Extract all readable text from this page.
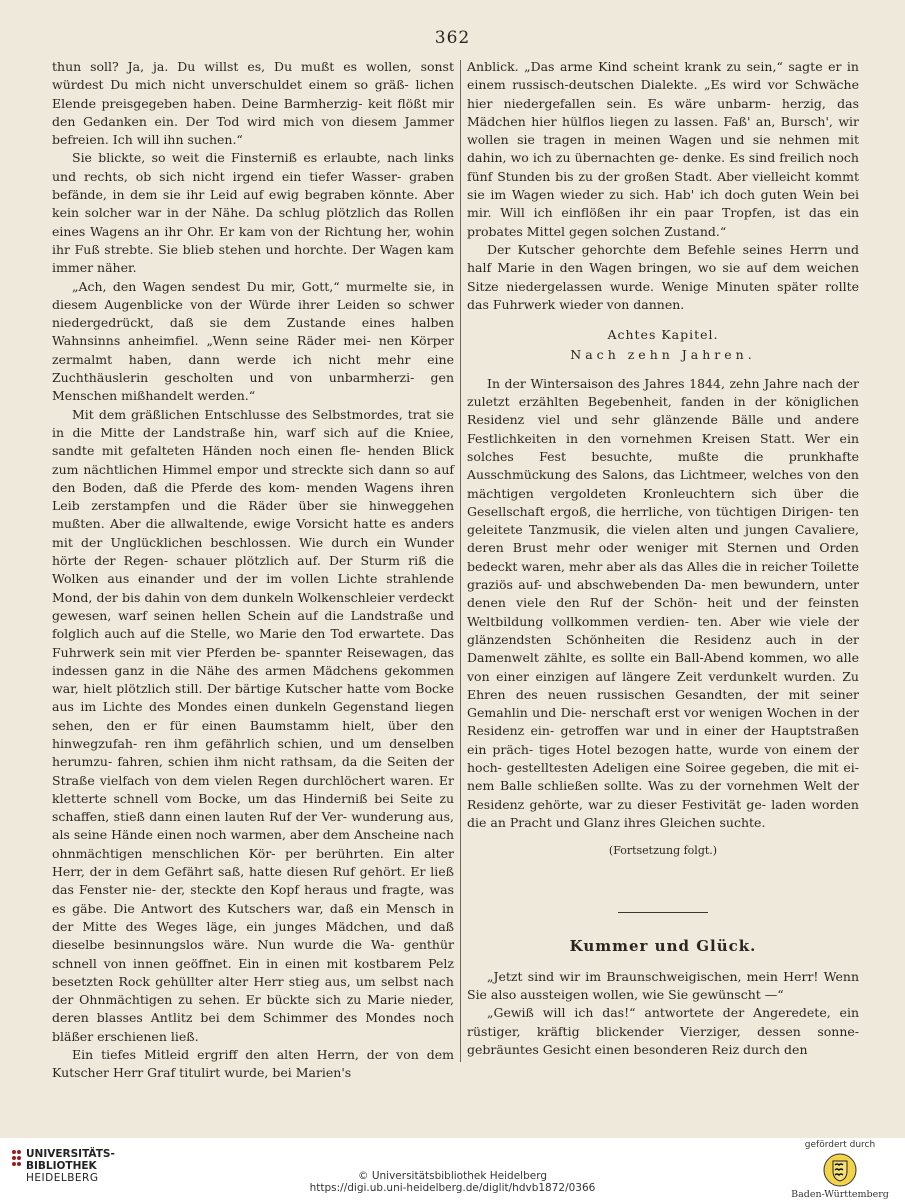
362

thun soll? Ja, ja. Du willst es, Du mußt es wollen, sonst würdest Du mich nicht unverschuldet einem so gräß- lichen Elende preisgegeben haben. Deine Barmherzig- keit flößt mir den Gedanken ein. Der Tod wird mich von diesem Jammer befreien. Ich will ihn suchen.“

Sie blickte, so weit die Finsterniß es erlaubte, nach links und rechts, ob sich nicht irgend ein tiefer Wasser- graben befände, in dem sie ihr Leid auf ewig begraben könnte. Aber kein solcher war in der Nähe. Da schlug plötzlich das Rollen eines Wagens an ihr Ohr. Er kam von der Richtung her, wohin ihr Fuß strebte. Sie blieb stehen und horchte. Der Wagen kam immer näher.

„Ach, den Wagen sendest Du mir, Gott,“ murmelte sie, in diesem Augenblicke von der Würde ihrer Leiden so schwer niedergedrückt, daß sie dem Zustande eines halben Wahnsinns anheimfiel. „Wenn seine Räder mei- nen Körper zermalmt haben, dann werde ich nicht mehr eine Zuchthäuslerin gescholten und von unbarmherzi- gen Menschen mißhandelt werden.“

Mit dem gräßlichen Entschlusse des Selbstmordes, trat sie in die Mitte der Landstraße hin, warf sich auf die Kniee, sandte mit gefalteten Händen noch einen fle- henden Blick zum nächtlichen Himmel empor und streckte sich dann so auf den Boden, daß die Pferde des kom- menden Wagens ihren Leib zerstampfen und die Räder über sie hinweggehen mußten. Aber die allwaltende, ewige Vorsicht hatte es anders mit der Unglücklichen beschlossen. Wie durch ein Wunder hörte der Regen- schauer plötzlich auf. Der Sturm riß die Wolken aus einander und der im vollen Lichte strahlende Mond, der bis dahin von dem dunkeln Wolkenschleier verdeckt gewesen, warf seinen hellen Schein auf die Landstraße und folglich auch auf die Stelle, wo Marie den Tod erwartete. Das Fuhrwerk sein mit vier Pferden be- spannter Reisewagen, das indessen ganz in die Nähe des armen Mädchens gekommen war, hielt plötzlich still. Der bärtige Kutscher hatte vom Bocke aus im Lichte des Mondes einen dunkeln Gegenstand liegen sehen, den er für einen Baumstamm hielt, über den hinwegzufah- ren ihm gefährlich schien, und um denselben herumzu- fahren, schien ihm nicht rathsam, da die Seiten der Straße vielfach von dem vielen Regen durchlöchert waren. Er kletterte schnell vom Bocke, um das Hinderniß bei Seite zu schaffen, stieß dann einen lauten Ruf der Ver- wunderung aus, als seine Hände einen noch warmen, aber dem Anscheine nach ohnmächtigen menschlichen Kör- per berührten. Ein alter Herr, der in dem Gefährt saß, hatte diesen Ruf gehört. Er ließ das Fenster nie- der, steckte den Kopf heraus und fragte, was es gäbe. Die Antwort des Kutschers war, daß ein Mensch in der Mitte des Weges läge, ein junges Mädchen, und daß dieselbe besinnungslos wäre. Nun wurde die Wa- genthür schnell von innen geöffnet. Ein in einen mit kostbarem Pelz besetzten Rock gehüllter alter Herr stieg aus, um selbst nach der Ohnmächtigen zu sehen. Er bückte sich zu Marie nieder, deren blasses Antlitz bei dem Schimmer des Mondes noch bläßer erschienen ließ.

Ein tiefes Mitleid ergriff den alten Herrn, der von dem Kutscher Herr Graf titulirt wurde, bei Marien's

Anblick. „Das arme Kind scheint krank zu sein,“ sagte er in einem russisch-deutschen Dialekte. „Es wird vor Schwäche hier niedergefallen sein. Es wäre unbarm- herzig, das Mädchen hier hülflos liegen zu lassen. Faß' an, Bursch', wir wollen sie tragen in meinen Wagen und sie nehmen mit dahin, wo ich zu übernachten ge- denke. Es sind freilich noch fünf Stunden bis zu der großen Stadt. Aber vielleicht kommt sie im Wagen wieder zu sich. Hab' ich doch guten Wein bei mir. Will ich einflößen ihr ein paar Tropfen, ist das ein probates Mittel gegen solchen Zustand.“

Der Kutscher gehorchte dem Befehle seines Herrn und half Marie in den Wagen bringen, wo sie auf dem weichen Sitze niedergelassen wurde. Wenige Minuten später rollte das Fuhrwerk wieder von dannen.

Achtes Kapitel.
Nach zehn Jahren.

In der Wintersaison des Jahres 1844, zehn Jahre nach der zuletzt erzählten Begebenheit, fanden in der königlichen Residenz viel und sehr glänzende Bälle und andere Festlichkeiten in den vornehmen Kreisen Statt. Wer ein solches Fest besuchte, mußte die prunkhafte Ausschmückung des Salons, das Lichtmeer, welches von den mächtigen vergoldeten Kronleuchtern sich über die Gesellschaft ergoß, die herrliche, von tüchtigen Dirigen- ten geleitete Tanzmusik, die vielen alten und jungen Cavaliere, deren Brust mehr oder weniger mit Sternen und Orden bedeckt waren, mehr aber als das Alles die in reicher Toilette graziös auf- und abschwebenden Da- men bewundern, unter denen viele den Ruf der Schön- heit und der feinsten Weltbildung vollkommen verdien- ten. Aber wie viele der glänzendsten Schönheiten die Residenz auch in der Damenwelt zählte, es sollte ein Ball-Abend kommen, wo alle von einer einzigen auf längere Zeit verdunkelt wurden. Zu Ehren des neuen russischen Gesandten, der mit seiner Gemahlin und Die- nerschaft erst vor wenigen Wochen in der Residenz ein- getroffen war und in einer der Hauptstraßen ein präch- tiges Hotel bezogen hatte, wurde von einem der hoch- gestelltesten Adeligen eine Soiree gegeben, die mit ei- nem Balle schließen sollte. Was zu der vornehmen Welt der Residenz gehörte, war zu dieser Festivität ge- laden worden die an Pracht und Glanz ihres Gleichen suchte.

(Fortsetzung folgt.)
Kummer und Glück.

„Jetzt sind wir im Braunschweigischen, mein Herr! Wenn Sie also aussteigen wollen, wie Sie gewünscht —“

„Gewiß will ich das!“ antwortete der Angeredete, ein rüstiger, kräftig blickender Vierziger, dessen sonne- gebräuntes Gesicht einen besonderen Reiz durch den

UNIVERSITÄTS-
BIBLIOTHEK
HEIDELBERG	© Universitätsbibliothek Heidelberg
https://digi.ub.uni-heidelberg.de/diglit/hdvb1872/0366
gefördert durch
Baden-Württemberg
